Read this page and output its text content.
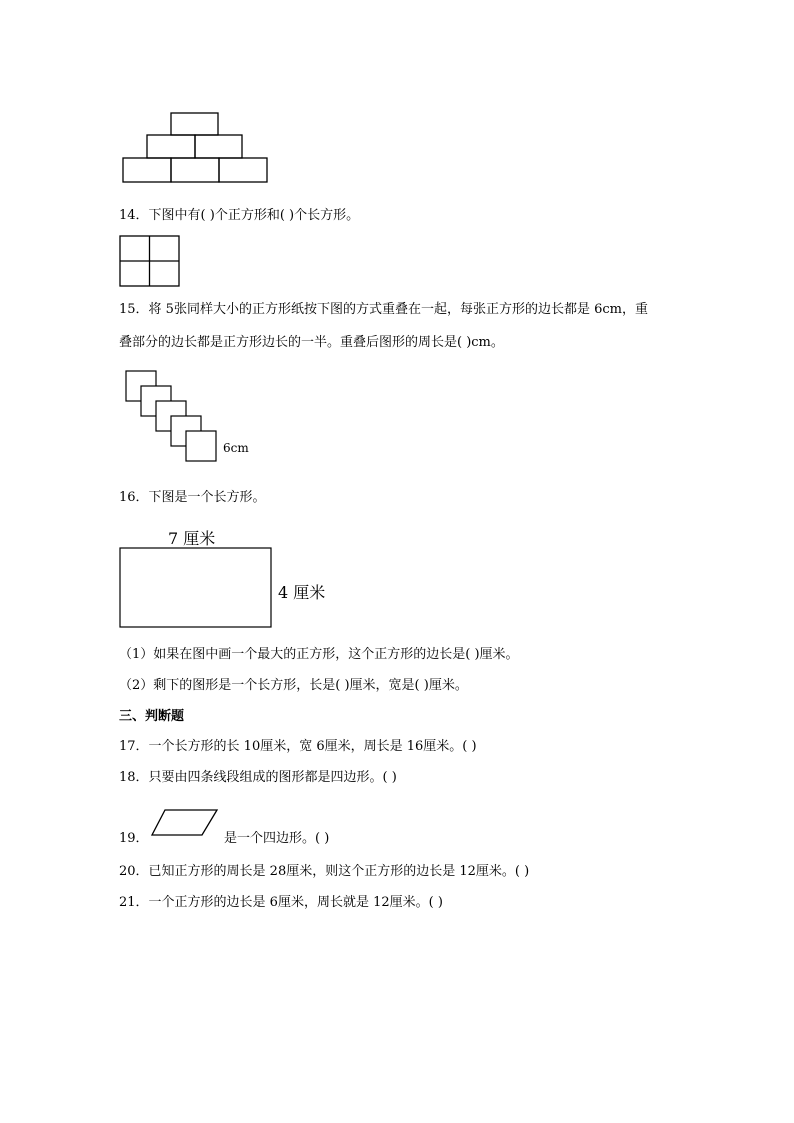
14．下图中有( )个正方形和( )个长方形。
15．将 5张同样大小的正方形纸按下图的方式重叠在一起，每张正方形的边长都是 6cm，重
叠部分的边长都是正方形边长的一半。重叠后图形的周长是( )cm。
6cm
16．下图是一个长方形。
7 厘米
4 厘米
（1）如果在图中画一个最大的正方形，这个正方形的边长是( )厘米。
（2）剩下的图形是一个长方形，长是( )厘米，宽是( )厘米。
三、判断题
17．一个长方形的长 10厘米，宽 6厘米，周长是 16厘米。( )
18．只要由四条线段组成的图形都是四边形。( )
19．	是一个四边形。( )
20．已知正方形的周长是 28厘米，则这个正方形的边长是 12厘米。( )
21．一个正方形的边长是 6厘米，周长就是 12厘米。( )
